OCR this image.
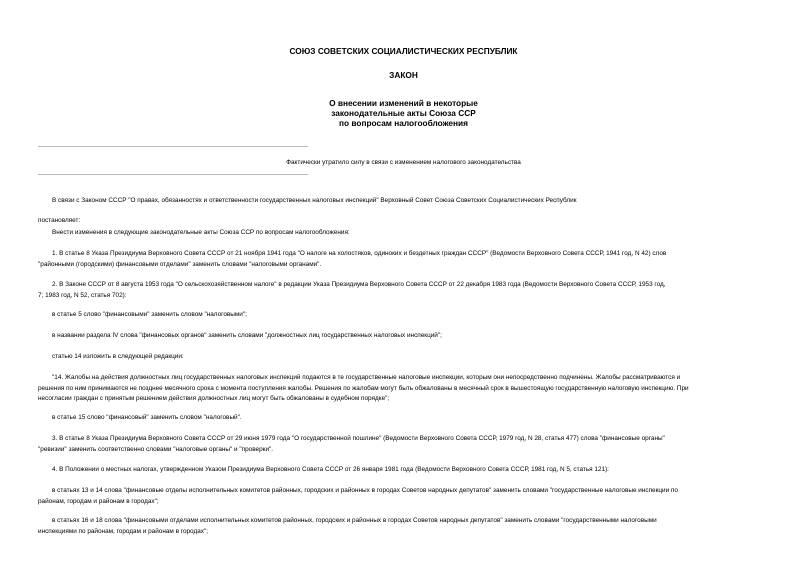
СОЮЗ СОВЕТСКИХ СОЦИАЛИСТИЧЕСКИХ РЕСПУБЛИК
ЗАКОН
О внесении изменений в некоторые
законодательные акты Союза ССР
по вопросам налогообложения
Фактически утратило силу в связи с изменением налогового законодательства
В связи с Законом СССР "О правах, обязанностях и ответственности государственных налоговых инспекций" Верховный Совет Союза Советских Социалистических Республик
постановляет:
Внести изменения в следующие законодательные акты Союза ССР по вопросам налогообложения:
1. В статье 8 Указа Президиума Верховного Совета СССР от 21 ноября 1941 года "О налоге на холостяков, одиноких и бездетных граждан СССР" (Ведомости Верховного Совета СССР, 1941 год, N 42) слов
"районными (городскими) финансовыми отделами" заменить словами "налоговыми органами".
2. В Законе СССР от 8 августа 1953 года "О сельскохозяйственном налоге" в редакции Указа Президиума Верховного Совета СССР от 22 декабря 1983 года (Ведомости Верховного Совета СССР, 1953 год,
7; 1983 год, N 52, статья 702):
в статье 5 слово "финансовыми" заменить словом "налоговыми";
в названии раздела IV слова "финансовых органов" заменить словами "должностных лиц государственных налоговых инспекций";
статью 14 изложить в следующей редакции:
"14. Жалобы на действия должностных лиц государственных налоговых инспекций подаются в те государственные налоговые инспекции, которым они непосредственно подчинены. Жалобы рассматриваются и
решения по ним принимаются не позднее месячного срока с момента поступления жалобы. Решения по жалобам могут быть обжалованы в месячный срок в вышестоящую государственную налоговую инспекцию. При
несогласии граждан с принятым решением действия должностных лиц могут быть обжалованы в судебном порядке";
в статье 15 слово "финансовый" заменить словом "налоговый".
3. В статье 8 Указа Президиума Верховного Совета СССР от 29 июня 1979 года "О государственной пошлине" (Ведомости Верховного Совета СССР, 1979 год, N 28, статья 477) слова "финансовые органы"
"ревизии" заменить соответственно словами "налоговые органы" и "проверки".
4. В Положении о местных налогах, утвержденном Указом Президиума Верховного Совета СССР от 26 января 1981 года (Ведомости Верховного Совета СССР, 1981 год, N 5, статья 121):
в статьях 13 и 14 слова "финансовые отделы исполнительных комитетов районных, городских и районных в городах Советов народных депутатов" заменить словами "государственные налоговые инспекции по
районам, городам и районам в городах";
в статьях 16 и 18 слова "финансовыми отделами исполнительных комитетов районных, городских и районных в городах Советов народных депутатов" заменить словами "государственными налоговыми
инспекциями по районам, городам и районам в городах";
